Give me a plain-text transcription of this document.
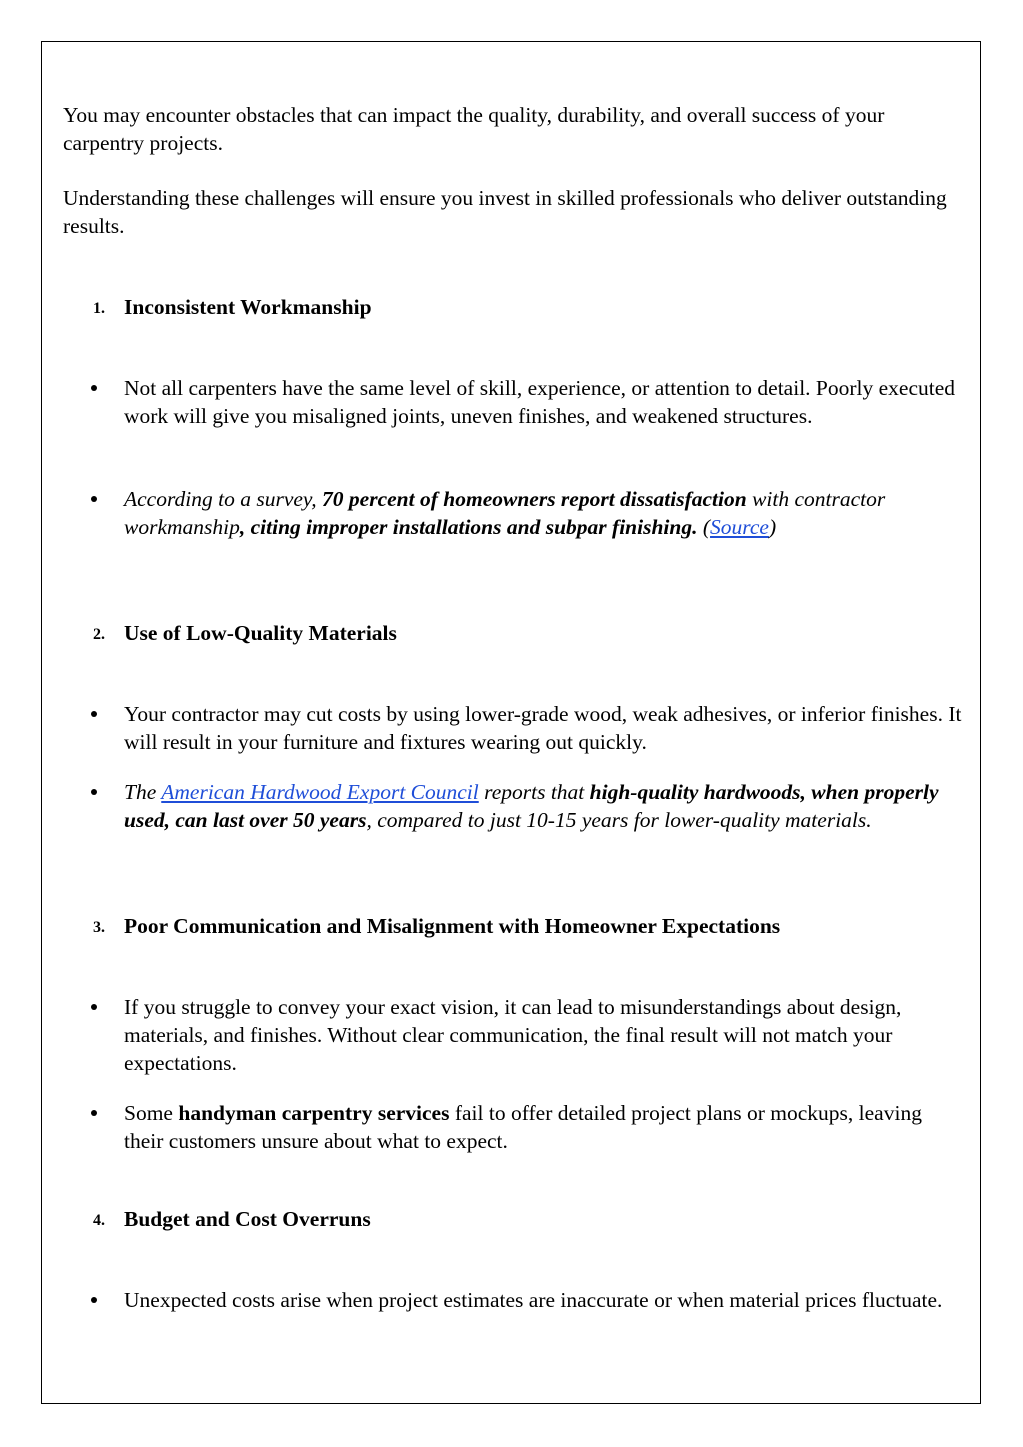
You may encounter obstacles that can impact the quality, durability, and overall success of your carpentry projects.
Understanding these challenges will ensure you invest in skilled professionals who deliver outstanding results.
1. Inconsistent Workmanship
Not all carpenters have the same level of skill, experience, or attention to detail. Poorly executed work will give you misaligned joints, uneven finishes, and weakened structures.
According to a survey, 70 percent of homeowners report dissatisfaction with contractor workmanship, citing improper installations and subpar finishing. (Source)
2. Use of Low-Quality Materials
Your contractor may cut costs by using lower-grade wood, weak adhesives, or inferior finishes. It will result in your furniture and fixtures wearing out quickly.
The American Hardwood Export Council reports that high-quality hardwoods, when properly used, can last over 50 years, compared to just 10-15 years for lower-quality materials.
3. Poor Communication and Misalignment with Homeowner Expectations
If you struggle to convey your exact vision, it can lead to misunderstandings about design, materials, and finishes. Without clear communication, the final result will not match your expectations.
Some handyman carpentry services fail to offer detailed project plans or mockups, leaving their customers unsure about what to expect.
4. Budget and Cost Overruns
Unexpected costs arise when project estimates are inaccurate or when material prices fluctuate.
